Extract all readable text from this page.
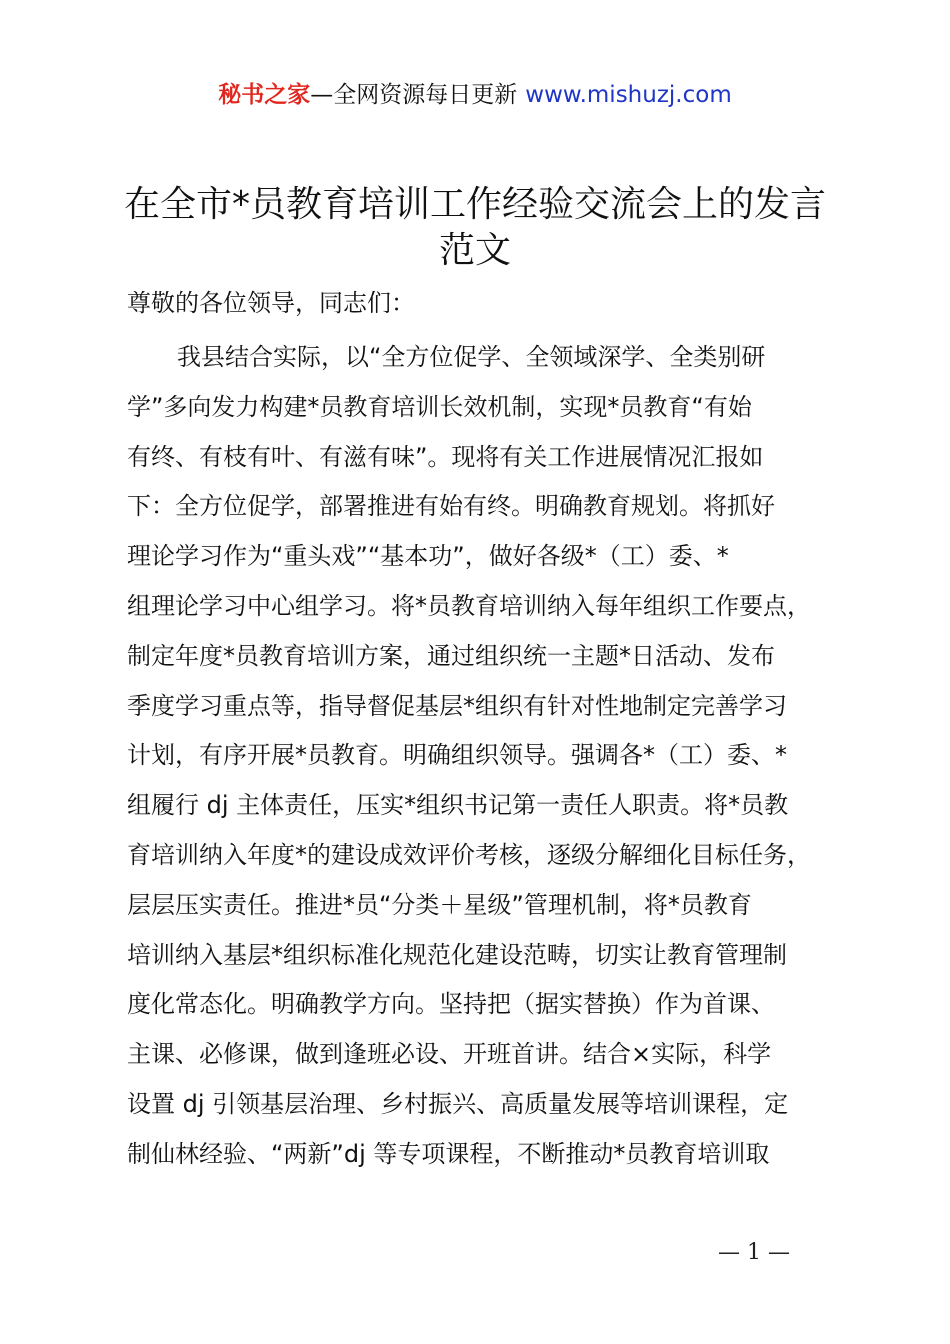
秘书之家—全网资源每日更新 www.mishuzj.com
在全市*员教育培训工作经验交流会上的发言
范文
尊敬的各位领导，同志们：
我县结合实际，以“全方位促学、全领域深学、全类别研
学”多向发力构建*员教育培训长效机制，实现*员教育“有始
有终、有枝有叶、有滋有味”。现将有关工作进展情况汇报如
下：全方位促学，部署推进有始有终。明确教育规划。将抓好
理论学习作为“重头戏”“基本功”，做好各级*（工）委、*
组理论学习中心组学习。将*员教育培训纳入每年组织工作要点，
制定年度*员教育培训方案，通过组织统一主题*日活动、发布
季度学习重点等，指导督促基层*组织有针对性地制定完善学习
计划，有序开展*员教育。明确组织领导。强调各*（工）委、*
组履行 dj 主体责任，压实*组织书记第一责任人职责。将*员教
育培训纳入年度*的建设成效评价考核，逐级分解细化目标任务，
层层压实责任。推进*员“分类＋星级”管理机制，将*员教育
培训纳入基层*组织标准化规范化建设范畴，切实让教育管理制
度化常态化。明确教学方向。坚持把（据实替换）作为首课、
主课、必修课，做到逢班必设、开班首讲。结合×实际，科学
设置 dj 引领基层治理、乡村振兴、高质量发展等培训课程，定
制仙林经验、“两新”dj 等专项课程，不断推动*员教育培训取
— 1 —
